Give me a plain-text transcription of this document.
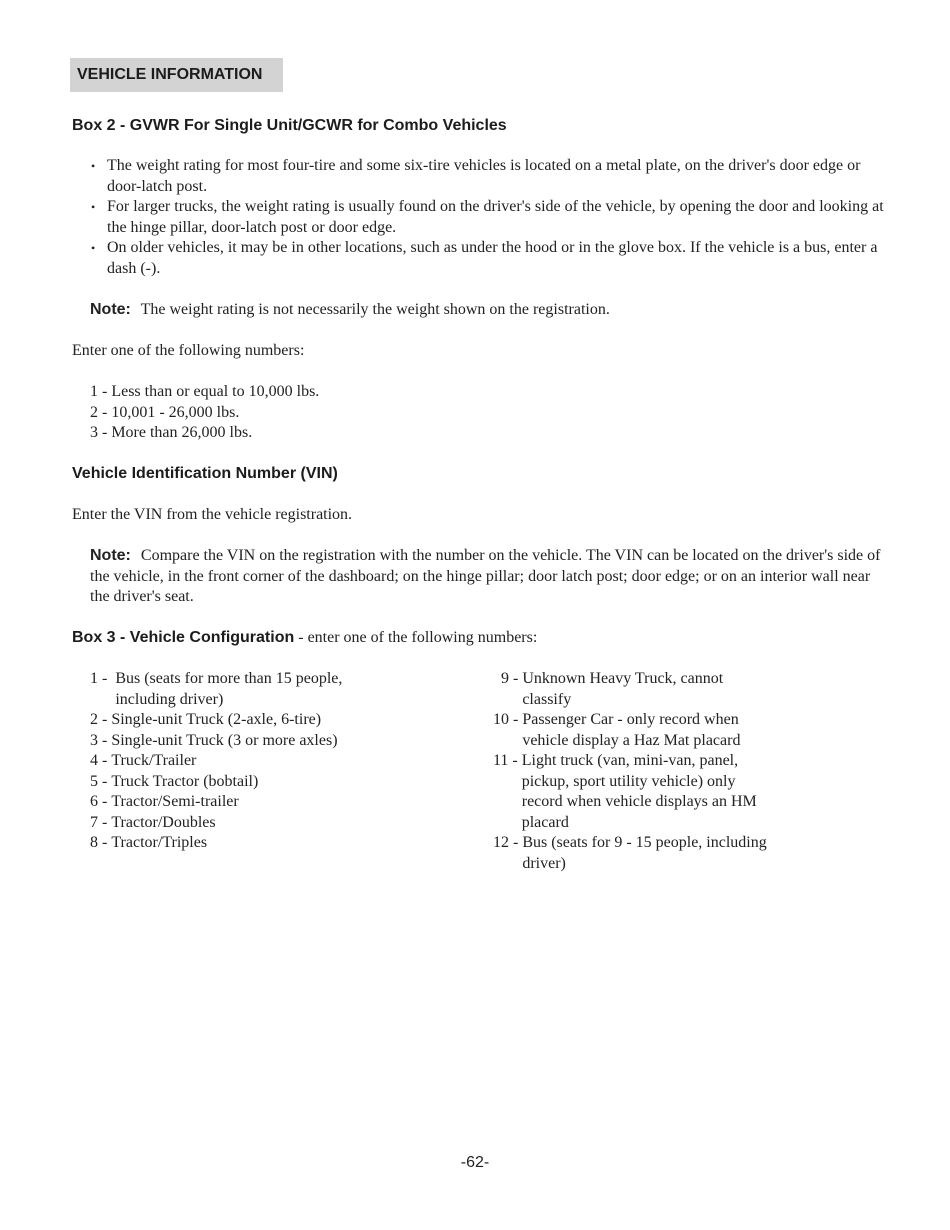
VEHICLE INFORMATION
Box 2 - GVWR For Single Unit/GCWR for Combo Vehicles
• The weight rating for most four-tire and some six-tire vehicles is located on a metal plate, on the driver's door edge or door-latch post.
• For larger trucks, the weight rating is usually found on the driver's side of the vehicle, by opening the door and looking at the hinge pillar, door-latch post or door edge.
• On older vehicles, it may be in other locations, such as under the hood or in the glove box. If the vehicle is a bus, enter a dash (-).
Note: The weight rating is not necessarily the weight shown on the registration.
Enter one of the following numbers:
1 - Less than or equal to 10,000 lbs.
2 - 10,001 - 26,000 lbs.
3 - More than 26,000 lbs.
Vehicle Identification Number (VIN)
Enter the VIN from the vehicle registration.
Note: Compare the VIN on the registration with the number on the vehicle. The VIN can be located on the driver's side of the vehicle, in the front corner of the dashboard; on the hinge pillar; door latch post; door edge; or on an interior wall near the driver's seat.
Box 3 - Vehicle Configuration - enter one of the following numbers:
1 - Bus (seats for more than 15 people, including driver)
2 - Single-unit Truck (2-axle, 6-tire)
3 - Single-unit Truck (3 or more axles)
4 - Truck/Trailer
5 - Truck Tractor (bobtail)
6 - Tractor/Semi-trailer
7 - Tractor/Doubles
8 - Tractor/Triples
9 - Unknown Heavy Truck, cannot classify
10 - Passenger Car - only record when vehicle display a Haz Mat placard
11 - Light truck (van, mini-van, panel, pickup, sport utility vehicle) only record when vehicle displays an HM placard
12 - Bus (seats for 9 - 15 people, including driver)
-62-
